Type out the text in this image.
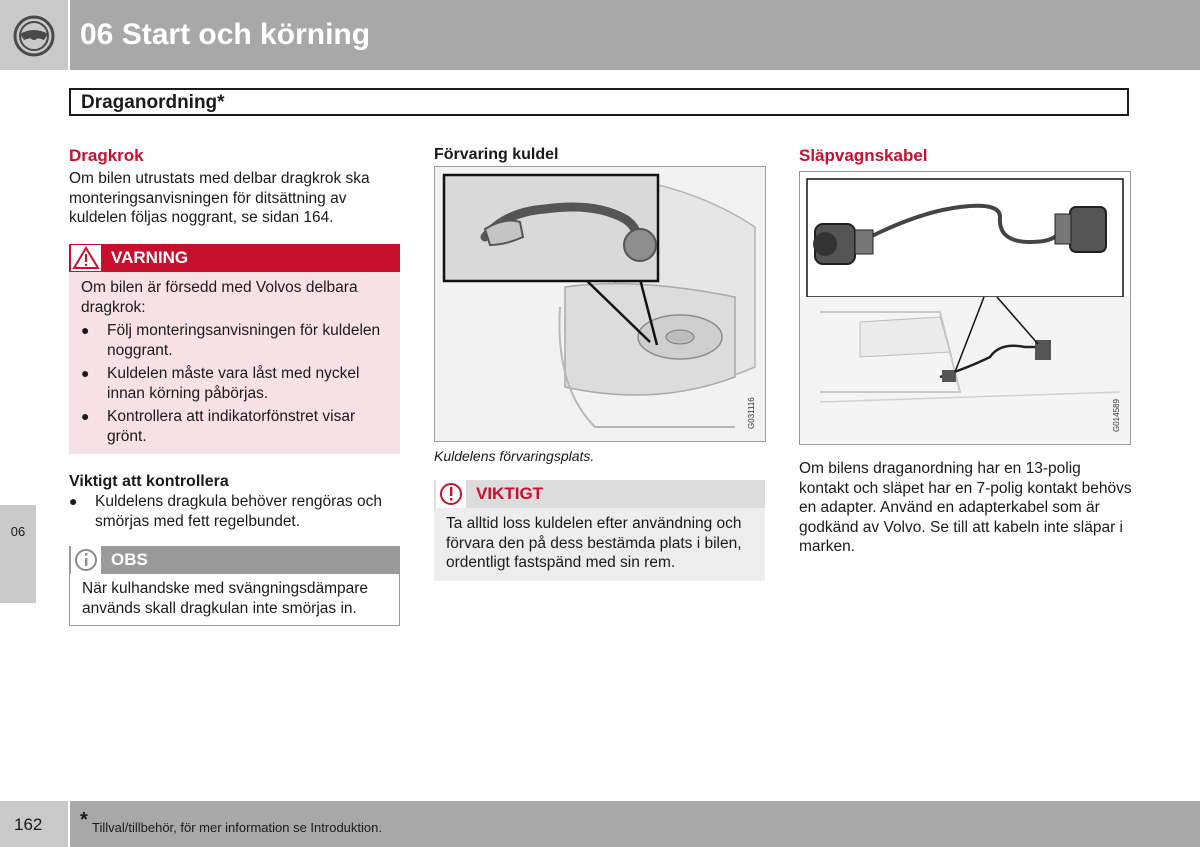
06 Start och körning
Draganordning*
06
Dragkrok
Om bilen utrustats med delbar dragkrok ska monteringsanvisningen för ditsättning av kuldelen följas noggrant, se sidan 164.
VARNING
Om bilen är försedd med Volvos delbara dragkrok:
●	Följ monteringsanvisningen för kuldelen noggrant.
●	Kuldelen måste vara låst med nyckel innan körning påbörjas.
●	Kontrollera att indikatorfönstret visar grönt.
Viktigt att kontrollera
●	Kuldelens dragkula behöver rengöras och smörjas med fett regelbundet.
OBS
När kulhandske med svängningsdämpare används skall dragkulan inte smörjas in.
Förvaring kuldel
G031116
Kuldelens förvaringsplats.
VIKTIGT
Ta alltid loss kuldelen efter användning och förvara den på dess bestämda plats i bilen, ordentligt fastspänd med sin rem.
Släpvagnskabel
G014589
Om bilens draganordning har en 13-polig kontakt och släpet har en 7-polig kontakt behövs en adapter. Använd en adapterkabel som är godkänd av Volvo. Se till att kabeln inte släpar i marken.
162 * Tillval/tillbehör, för mer information se Introduktion.
